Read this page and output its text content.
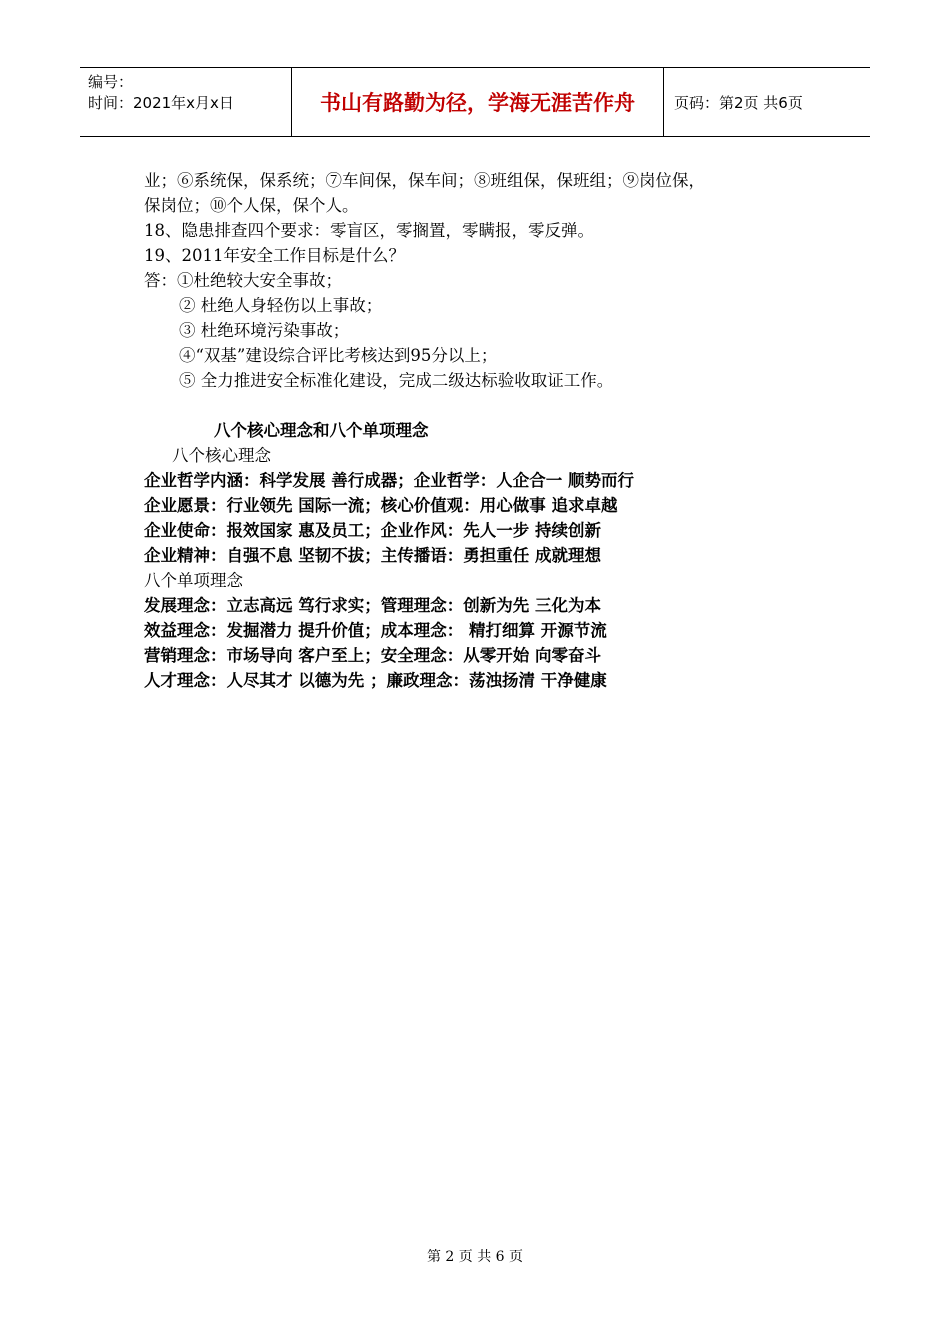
编号：
时间：2021年x月x日	书山有路勤为径，学海无涯苦作舟	页码：第2页 共6页

业；⑥系统保，保系统；⑦车间保，保车间；⑧班组保，保班组；⑨岗位保，

保岗位；⑩个人保，保个人。

18、隐患排查四个要求：零盲区，零搁置，零瞒报，零反弹。

19、2011年安全工作目标是什么？

答：①杜绝较大安全事故；

② 杜绝人身轻伤以上事故；

③ 杜绝环境污染事故；

④“双基”建设综合评比考核达到95分以上；

⑤ 全力推进安全标准化建设，完成二级达标验收取证工作。

八个核心理念和八个单项理念

八个核心理念

企业哲学内涵：科学发展 善行成器；企业哲学：人企合一 顺势而行

企业愿景：行业领先 国际一流；核心价值观：用心做事 追求卓越

企业使命：报效国家 惠及员工；企业作风：先人一步 持续创新

企业精神：自强不息 坚韧不拔；主传播语：勇担重任 成就理想

八个单项理念

发展理念：立志高远 笃行求实；管理理念：创新为先 三化为本

效益理念：发掘潜力 提升价值；成本理念： 精打细算 开源节流

营销理念：市场导向 客户至上；安全理念：从零开始 向零奋斗

人才理念：人尽其才 以德为先 ；廉政理念：荡浊扬清 干净健康

第 2 页 共 6 页
